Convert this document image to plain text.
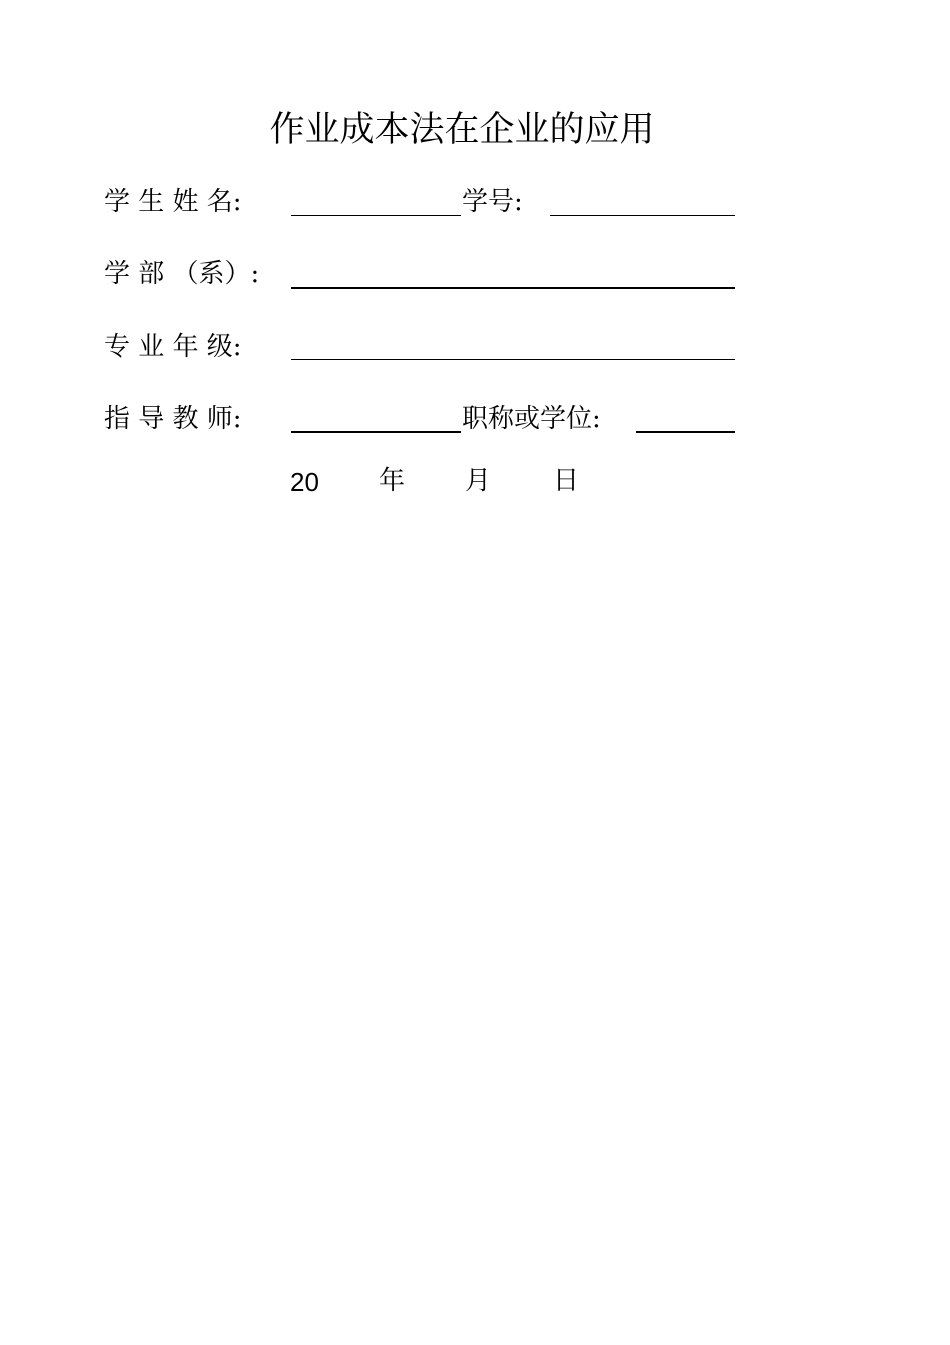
作业成本法在企业的应用
学 生 姓 名:	学号:
学 部 （系）:
专 业 年 级:
指 导 教 师:	职称或学位:
20 年 月 日
